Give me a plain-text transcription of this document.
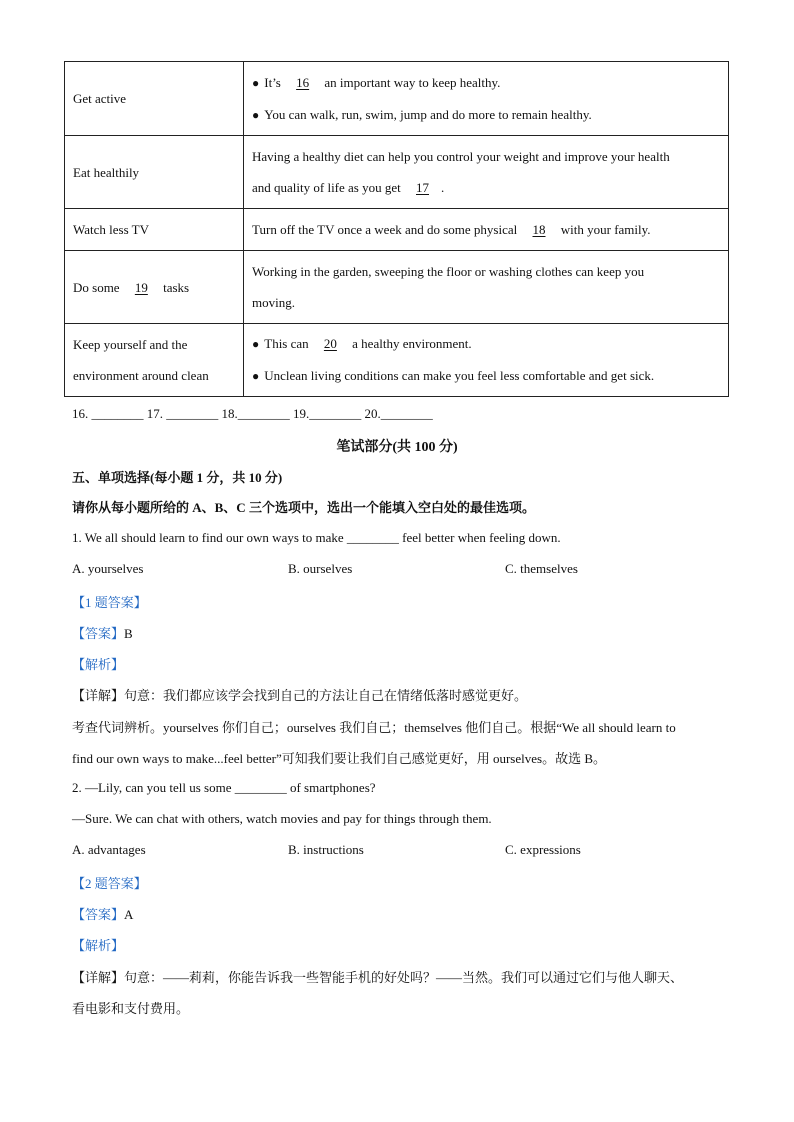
Get active	● It’s 16 an important way to keep healthy.
● You can walk, run, swim, jump and do more to remain healthy.

Eat healthily	Having a healthy diet can help you control your weight and improve your health
and quality of life as you get 17 .

Watch less TV	Turn off the TV once a week and do some physical 18 with your family.

Do some 19 tasks	Working in the garden, sweeping the floor or washing clothes can keep you
moving.

Keep yourself and the
environment around clean	● This can 20 a healthy environment.
● Unclean living conditions can make you feel less comfortable and get sick.
16. ________ 17. ________ 18.________ 19.________ 20.________
笔试部分(共 100 分)
五、单项选择(每小题 1 分，共 10 分)
请你从每小题所给的 A、B、C 三个选项中，选出一个能填入空白处的最佳选项。
1. We all should learn to find our own ways to make ________ feel better when feeling down.
A. yourselves	B. ourselves	C. themselves
【1 题答案】
【答案】B
【解析】
【详解】句意：我们都应该学会找到自己的方法让自己在情绪低落时感觉更好。
考查代词辨析。yourselves 你们自己；ourselves 我们自己；themselves 他们自己。根据“We all should learn to
find our own ways to make...feel better”可知我们要让我们自己感觉更好，用 ourselves。故选 B。
2. —Lily, can you tell us some ________ of smartphones?
—Sure. We can chat with others, watch movies and pay for things through them.
A. advantages	B. instructions	C. expressions
【2 题答案】
【答案】A
【解析】
【详解】句意：——莉莉，你能告诉我一些智能手机的好处吗？——当然。我们可以通过它们与他人聊天、
看电影和支付费用。
